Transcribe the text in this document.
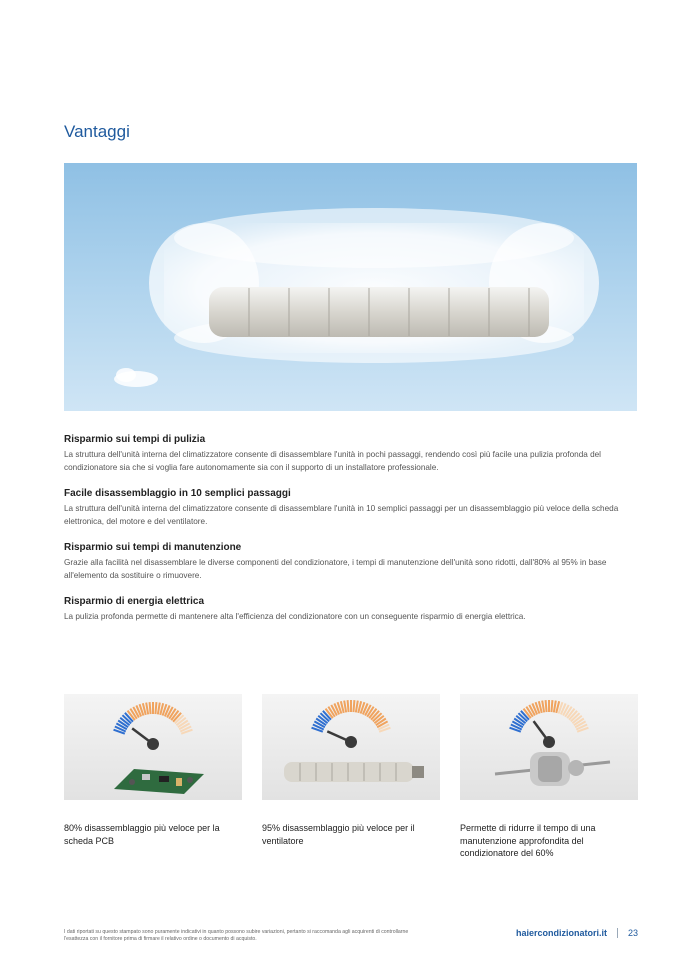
Vantaggi
Risparmio sui tempi di pulizia

La struttura dell'unità interna del climatizzatore consente di disassemblare l'unità in pochi passaggi, rendendo così più facile una pulizia profonda del condizionatore sia che si voglia fare autonomamente sia con il supporto di un installatore professionale.

Facile disassemblaggio in 10 semplici passaggi

La struttura dell'unità interna del climatizzatore consente di disassemblare l'unità in 10 semplici passaggi per un disassemblaggio più veloce della scheda elettronica, del motore e del ventilatore.

Risparmio sui tempi di manutenzione

Grazie alla facilità nel disassemblare le diverse componenti del condizionatore, i tempi di manutenzione dell'unità sono ridotti, dall'80% al 95% in base all'elemento da sostituire o rimuovere.

Risparmio di energia elettrica

La pulizia profonda permette di mantenere alta l'efficienza del condizionatore con un conseguente risparmio di energia elettrica.

80% disassemblaggio più veloce per la scheda PCB
95% disassemblaggio più veloce per il ventilatore
Permette di ridurre il tempo di una manutenzione approfondita del condizionatore del 60%
I dati riportati su questo stampato sono puramente indicativi in quanto possono subire variazioni, pertanto si raccomanda agli acquirenti di controllarne l'esattezza con il fornitore prima di firmare il relativo ordine o documento di acquisto.
haiercondizionatori.it 23
